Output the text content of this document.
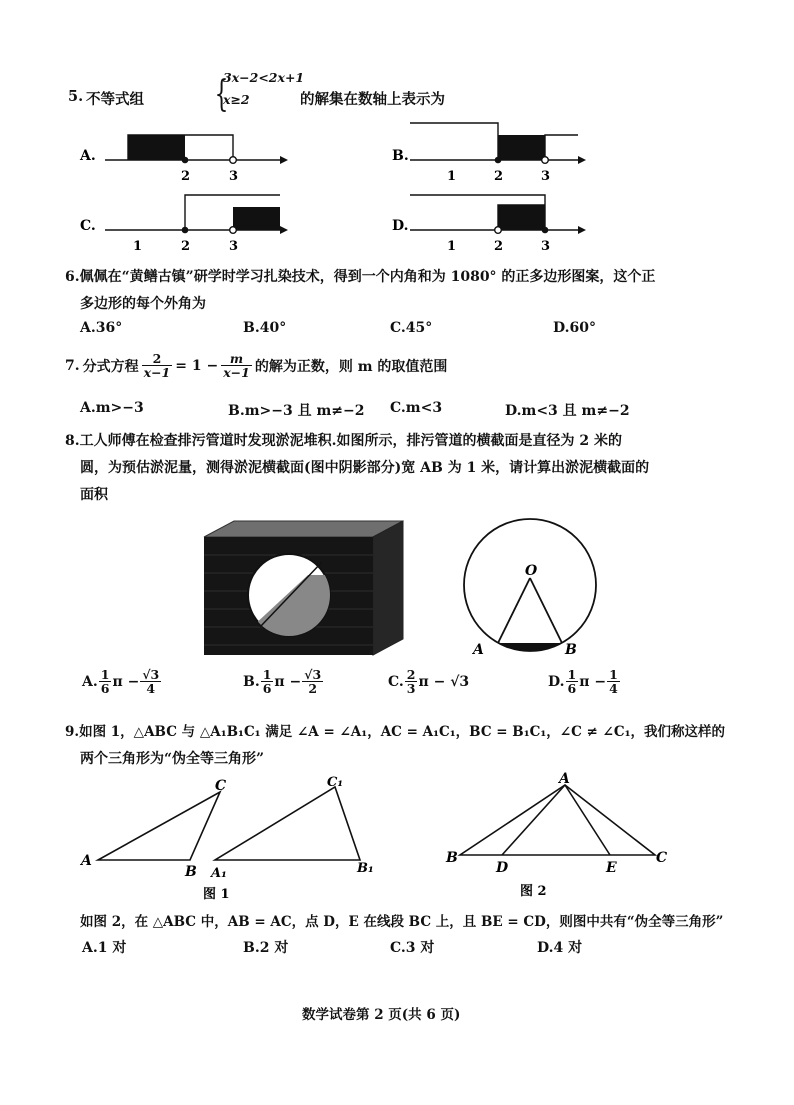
5. 不等式组 {
3x−2<2x+1
x≥2	的解集在数轴上表示为
A.
2	3
B.
1	2	3
C.
1	2	3
D.
1	2	3
6.佩佩在“黄鳝古镇”研学时学习扎染技术，得到一个内角和为 1080° 的正多边形图案，这个正
多边形的每个外角为
A.36°	B.40°	C.45°	D.60°
7. 分式方程 $\frac{2}{x-1} = 1 - \frac{m}{x-1}$ 的解为正数，则 m 的取值范围
A.m>−3	B.m>−3 且 m≠−2 C.m<3	D.m<3 且 m≠−2
8.工人师傅在检查排污管道时发现淤泥堆积.如图所示，排污管道的横截面是直径为 2 米的
圆，为预估淤泥量，测得淤泥横截面(图中阴影部分)宽 AB 为 1 米，请计算出淤泥横截面的
面积
O
A	B
A. $\frac{1}{6}$ $\pi - \frac{√3}{4}$	B. $\frac{1}{6}$ $\pi - \frac{√3}{2}$	C. $\frac{2}{3}$ π − √3	D. $\frac{1}{6}$ $\pi - \frac{1}{4}$
9.如图 1，△ABC 与 △A₁B₁C₁ 满足 ∠A = ∠A₁，AC = A₁C₁，BC = B₁C₁，∠C ≠ ∠C₁，我们称这样的
两个三角形为“伪全等三角形”
A
B
C
A₁	B₁
C₁
图 1
A
B	C
D	E
图 2
如图 2，在 △ABC 中，AB = AC，点 D，E 在线段 BC 上，且 BE = CD，则图中共有“伪全等三角形”
A.1 对	B.2 对	C.3 对	D.4 对
数学试卷第 2 页(共 6 页)
